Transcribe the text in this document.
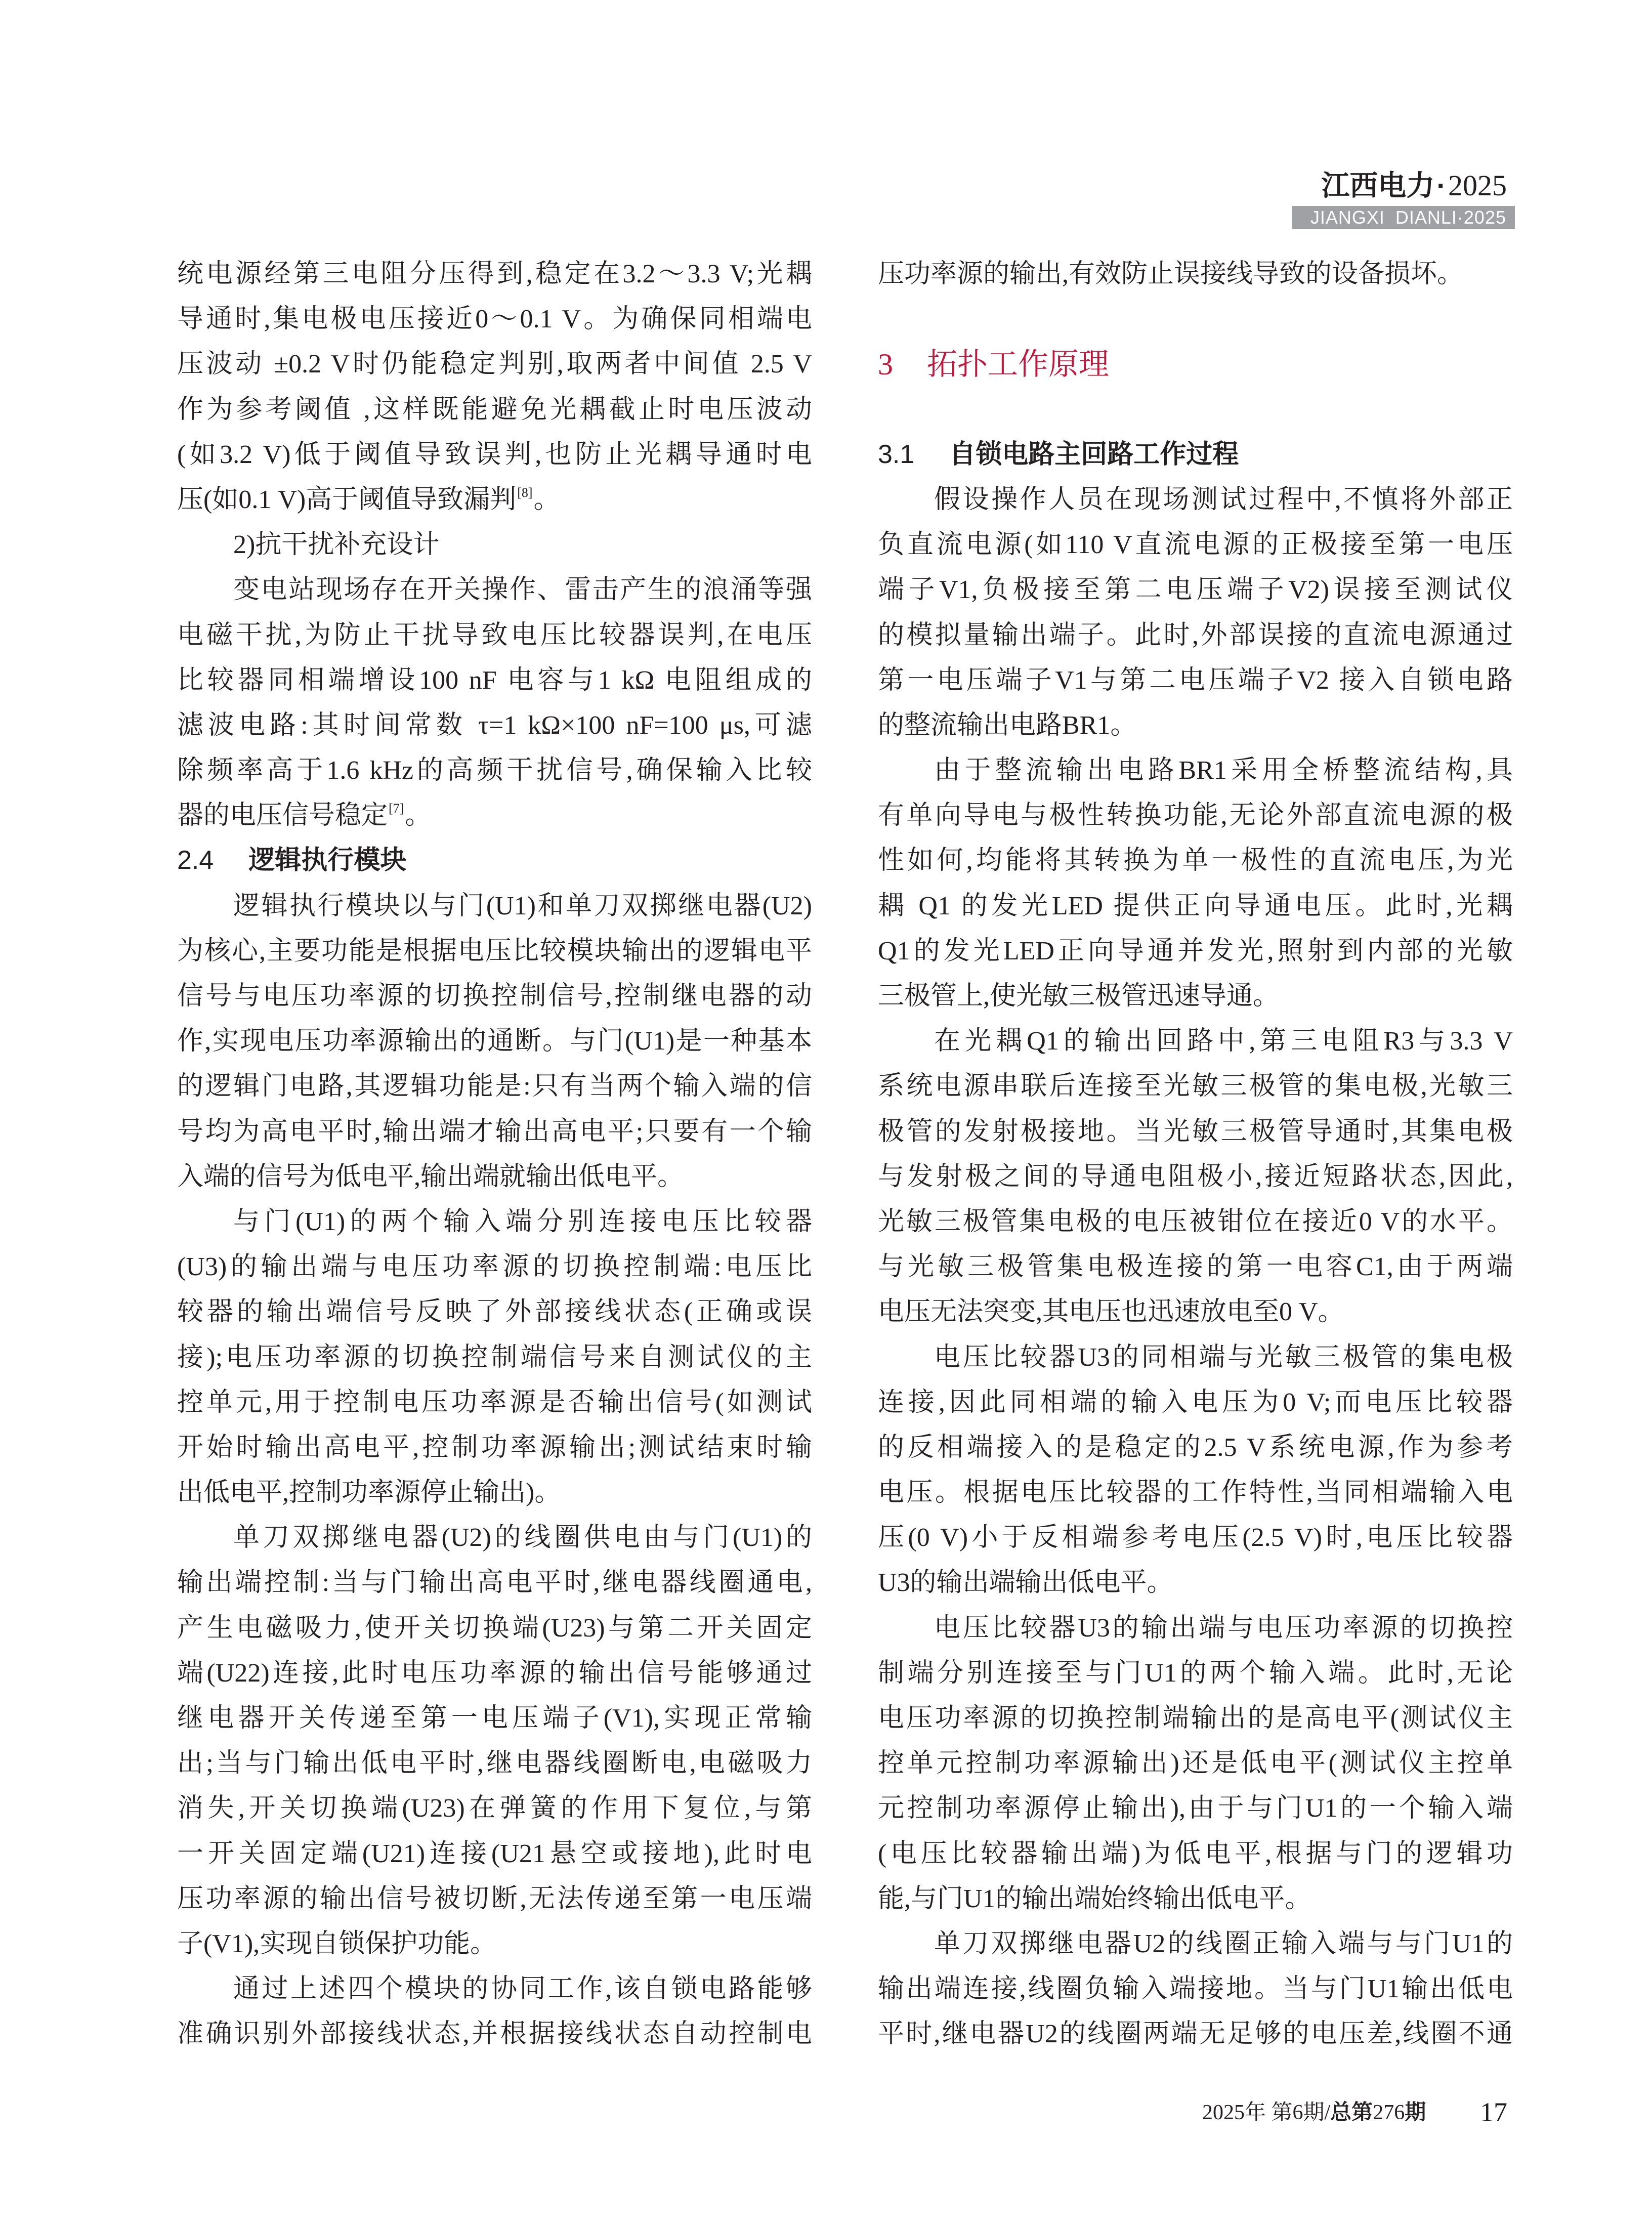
江西电力·2025
JIANGXI DIANLI·2025
统电源经第三电阻分压得到,稳定在3.2～3.3 V;光耦
导通时,集电极电压接近0～0.1 V。为确保同相端电
压波动 ±0.2 V时仍能稳定判别,取两者中间值 2.5 V
作为参考阈值 ,这样既能避免光耦截止时电压波动
(如3.2 V)低于阈值导致误判,也防止光耦导通时电
压(如0.1 V)高于阈值导致漏判[8]。
2)抗干扰补充设计
变电站现场存在开关操作、雷击产生的浪涌等强
电磁干扰,为防止干扰导致电压比较器误判,在电压
比较器同相端增设100 nF 电容与1 kΩ 电阻组成的
滤波电路:其时间常数 τ=1 kΩ×100 nF=100 μs,可滤
除频率高于1.6 kHz的高频干扰信号,确保输入比较
器的电压信号稳定[7]。
2.4 逻辑执行模块
逻辑执行模块以与门(U1)和单刀双掷继电器(U2)
为核心,主要功能是根据电压比较模块输出的逻辑电平
信号与电压功率源的切换控制信号,控制继电器的动
作,实现电压功率源输出的通断。与门(U1)是一种基本
的逻辑门电路,其逻辑功能是:只有当两个输入端的信
号均为高电平时,输出端才输出高电平;只要有一个输
入端的信号为低电平,输出端就输出低电平。
与门(U1)的两个输入端分别连接电压比较器
(U3)的输出端与电压功率源的切换控制端:电压比
较器的输出端信号反映了外部接线状态(正确或误
接);电压功率源的切换控制端信号来自测试仪的主
控单元,用于控制电压功率源是否输出信号(如测试
开始时输出高电平,控制功率源输出;测试结束时输
出低电平,控制功率源停止输出)。
单刀双掷继电器(U2)的线圈供电由与门(U1)的
输出端控制:当与门输出高电平时,继电器线圈通电,
产生电磁吸力,使开关切换端(U23)与第二开关固定
端(U22)连接,此时电压功率源的输出信号能够通过
继电器开关传递至第一电压端子(V1),实现正常输
出;当与门输出低电平时,继电器线圈断电,电磁吸力
消失,开关切换端(U23)在弹簧的作用下复位,与第
一开关固定端(U21)连接(U21悬空或接地),此时电
压功率源的输出信号被切断,无法传递至第一电压端
子(V1),实现自锁保护功能。
通过上述四个模块的协同工作,该自锁电路能够
准确识别外部接线状态,并根据接线状态自动控制电
压功率源的输出,有效防止误接线导致的设备损坏。
3 拓扑工作原理
3.1 自锁电路主回路工作过程
假设操作人员在现场测试过程中,不慎将外部正
负直流电源(如110 V直流电源的正极接至第一电压
端子V1,负极接至第二电压端子V2)误接至测试仪
的模拟量输出端子。此时,外部误接的直流电源通过
第一电压端子V1与第二电压端子V2 接入自锁电路
的整流输出电路BR1。
由于整流输出电路BR1采用全桥整流结构,具
有单向导电与极性转换功能,无论外部直流电源的极
性如何,均能将其转换为单一极性的直流电压,为光
耦 Q1 的发光LED 提供正向导通电压。此时,光耦
Q1的发光LED正向导通并发光,照射到内部的光敏
三极管上,使光敏三极管迅速导通。
在光耦Q1的输出回路中,第三电阻R3与3.3 V
系统电源串联后连接至光敏三极管的集电极,光敏三
极管的发射极接地。当光敏三极管导通时,其集电极
与发射极之间的导通电阻极小,接近短路状态,因此,
光敏三极管集电极的电压被钳位在接近0 V的水平。
与光敏三极管集电极连接的第一电容C1,由于两端
电压无法突变,其电压也迅速放电至0 V。
电压比较器U3的同相端与光敏三极管的集电极
连接,因此同相端的输入电压为0 V;而电压比较器
的反相端接入的是稳定的2.5 V系统电源,作为参考
电压。根据电压比较器的工作特性,当同相端输入电
压(0 V)小于反相端参考电压(2.5 V)时,电压比较器
U3的输出端输出低电平。
电压比较器U3的输出端与电压功率源的切换控
制端分别连接至与门U1的两个输入端。此时,无论
电压功率源的切换控制端输出的是高电平(测试仪主
控单元控制功率源输出)还是低电平(测试仪主控单
元控制功率源停止输出),由于与门U1的一个输入端
(电压比较器输出端)为低电平,根据与门的逻辑功
能,与门U1的输出端始终输出低电平。
单刀双掷继电器U2的线圈正输入端与与门U1的
输出端连接,线圈负输入端接地。当与门U1输出低电
平时,继电器U2的线圈两端无足够的电压差,线圈不通
2025年 第6期/总第276期 17
